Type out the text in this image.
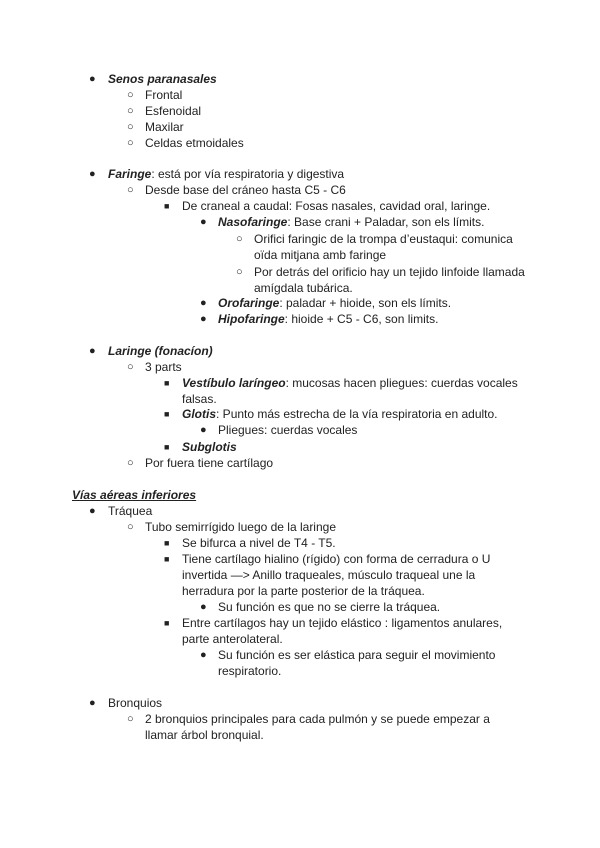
● Senos paranasales
○ Frontal
○ Esfenoidal
○ Maxilar
○ Celdas etmoidales
● Faringe: está por vía respiratoria y digestiva
○ Desde base del cráneo hasta C5 - C6
■ De craneal a caudal: Fosas nasales, cavidad oral, laringe.
● Nasofaringe: Base crani + Paladar, son els límits.
○ Orifici faringic de la trompa d’eustaqui: comunica
oïda mitjana amb faringe
○ Por detrás del orificio hay un tejido linfoide llamada
amígdala tubárica.
● Orofaringe: paladar + hioide, son els límits.
● Hipofaringe: hioide + C5 - C6, son limits.
● Laringe (fonacíon)
○ 3 parts
■ Vestíbulo laríngeo: mucosas hacen pliegues: cuerdas vocales
falsas.
■ Glotis: Punto más estrecha de la vía respiratoria en adulto.
● Pliegues: cuerdas vocales
■ Subglotis
○ Por fuera tiene cartílago
Vías aéreas inferiores
● Tráquea
○ Tubo semirrígido luego de la laringe
■ Se bifurca a nivel de T4 - T5.
■ Tiene cartílago hialino (rígido) con forma de cerradura o U
invertida —> Anillo traqueales, músculo traqueal une la
herradura por la parte posterior de la tráquea.
● Su función es que no se cierre la tráquea.
■ Entre cartílagos hay un tejido elástico : ligamentos anulares,
parte anterolateral.
● Su función es ser elástica para seguir el movimiento
respiratorio.
● Bronquios
○ 2 bronquios principales para cada pulmón y se puede empezar a
llamar árbol bronquial.
